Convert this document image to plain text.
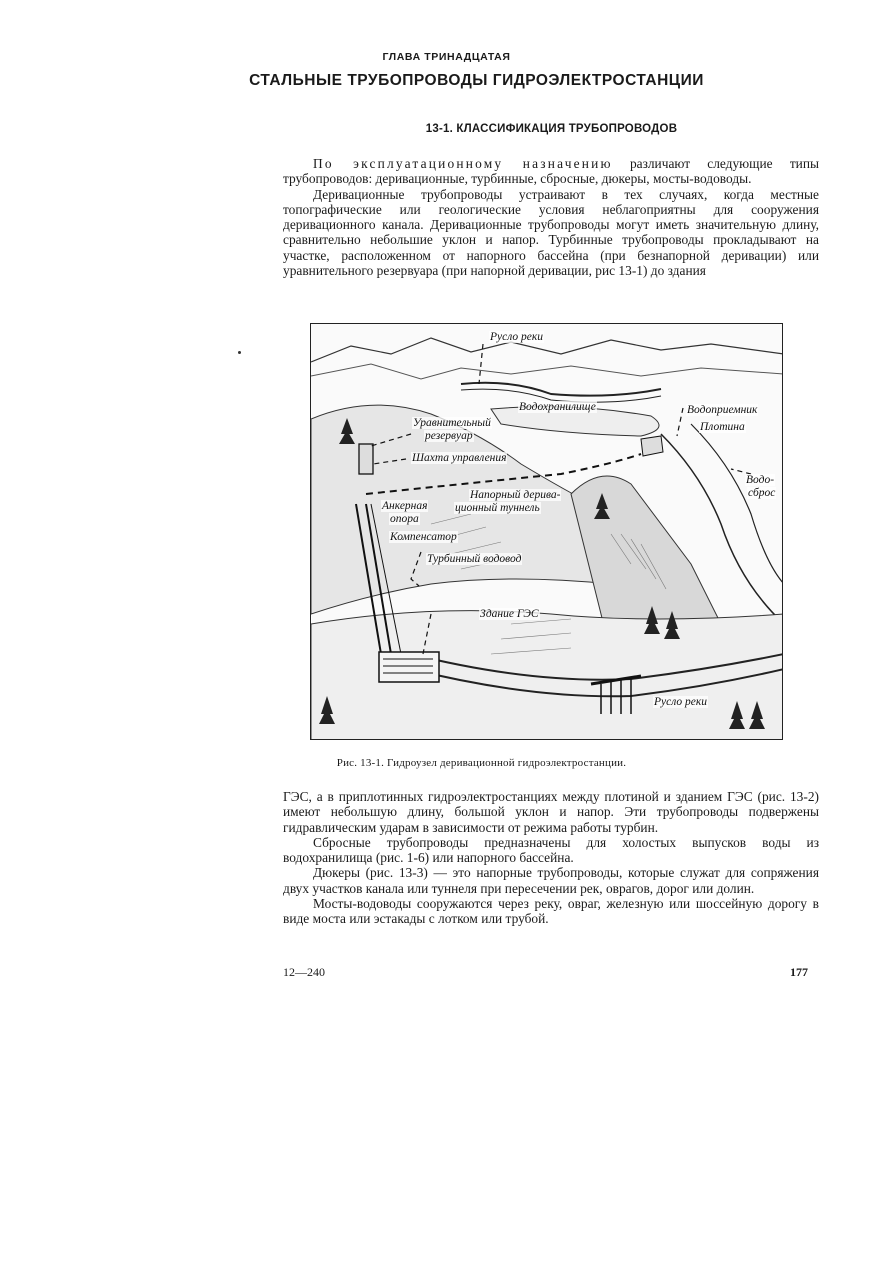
ГЛАВА ТРИНАДЦАТАЯ
СТАЛЬНЫЕ ТРУБОПРОВОДЫ ГИДРОЭЛЕКТРОСТАНЦИИ
13-1. КЛАССИФИКАЦИЯ ТРУБОПРОВОДОВ

По эксплуатационному назначению различают следующие типы трубопроводов: деривационные, турбинные, сбросные, дюкеры, мосты-водоводы.

Деривационные трубопроводы устраивают в тех случаях, когда местные топографические или геологические условия неблагоприятны для сооружения деривационного канала. Деривационные трубопроводы могут иметь значительную длину, сравнительно небольшие уклон и напор. Турбинные трубопроводы прокладывают на участке, расположенном от напорного бассейна (при безнапорной деривации) или уравнительного резервуара (при напорной деривации, рис 13-1) до здания

Русло реки
Водохранилище	Водоприемник
Плотина
Уравнительный
резервуар
Шахта управления
Напорный дерива-
ционный туннель
Анкерная
опора
Компенсатор
Турбинный водовод
Здание ГЭС
Водо-
сброс
Русло реки
Рис. 13-1. Гидроузел деривационной гидроэлектростанции.

ГЭС, а в приплотинных гидроэлектростанциях между плотиной и зданием ГЭС (рис. 13-2) имеют небольшую длину, большой уклон и напор. Эти трубопроводы подвержены гидравлическим ударам в зависимости от режима работы турбин.

Сбросные трубопроводы предназначены для холостых выпусков воды из водохранилища (рис. 1-6) или напорного бассейна.

Дюкеры (рис. 13-3) — это напорные трубопроводы, которые служат для сопряжения двух участков канала или туннеля при пересечении рек, оврагов, дорог или долин.

Мосты-водоводы сооружаются через реку, овраг, железную или шоссейную дорогу в виде моста или эстакады с лотком или трубой.

12—240	177
